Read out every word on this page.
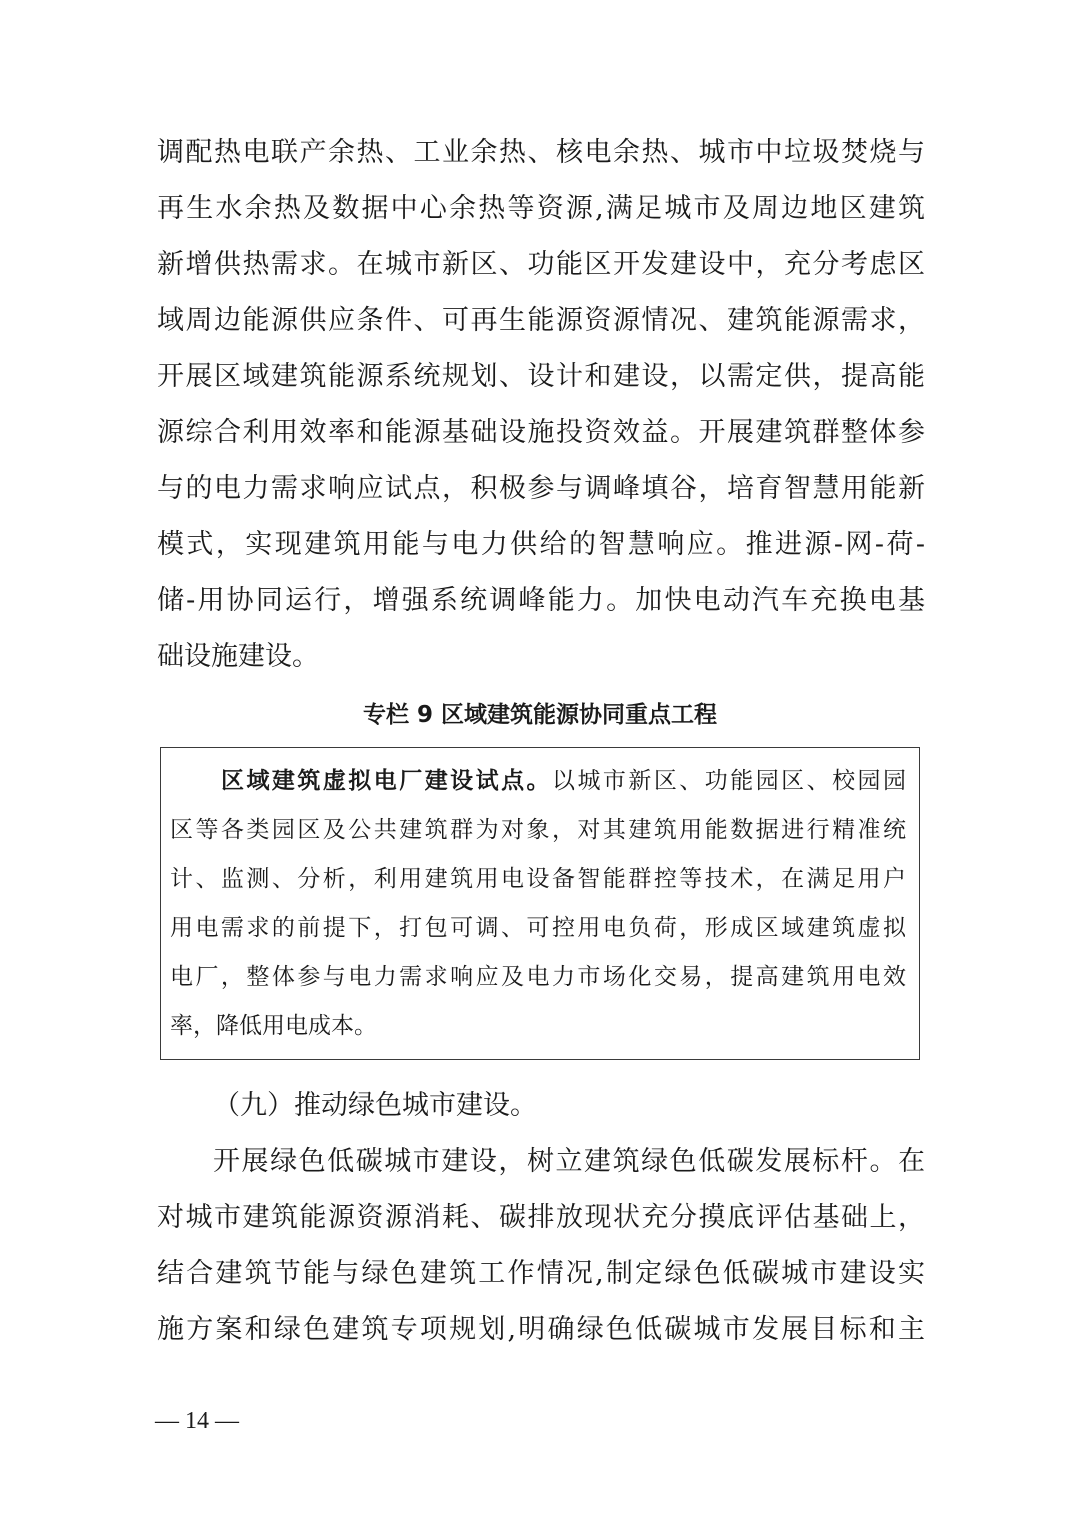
调配热电联产余热、工业余热、核电余热、城市中垃圾焚烧与
再生水余热及数据中心余热等资源,满足城市及周边地区建筑
新增供热需求。在城市新区、功能区开发建设中，充分考虑区
域周边能源供应条件、可再生能源资源情况、建筑能源需求，
开展区域建筑能源系统规划、设计和建设，以需定供，提高能
源综合利用效率和能源基础设施投资效益。开展建筑群整体参
与的电力需求响应试点，积极参与调峰填谷，培育智慧用能新
模式，实现建筑用能与电力供给的智慧响应。推进源-网-荷-
储-用协同运行，增强系统调峰能力。加快电动汽车充换电基
础设施建设。
专栏 9 区域建筑能源协同重点工程
区域建筑虚拟电厂建设试点。以城市新区、功能园区、校园园
区等各类园区及公共建筑群为对象，对其建筑用能数据进行精准统
计、监测、分析，利用建筑用电设备智能群控等技术，在满足用户
用电需求的前提下，打包可调、可控用电负荷，形成区域建筑虚拟
电厂，整体参与电力需求响应及电力市场化交易，提高建筑用电效
率，降低用电成本。
（九）推动绿色城市建设。
开展绿色低碳城市建设，树立建筑绿色低碳发展标杆。在
对城市建筑能源资源消耗、碳排放现状充分摸底评估基础上，
结合建筑节能与绿色建筑工作情况,制定绿色低碳城市建设实
施方案和绿色建筑专项规划,明确绿色低碳城市发展目标和主
— 14 —
